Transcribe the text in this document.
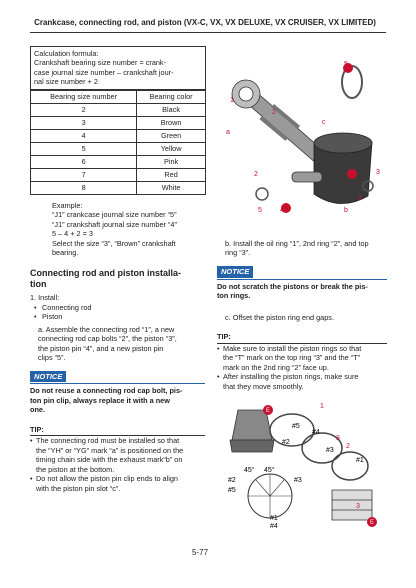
Crankcase, connecting rod, and piston (VX-C, VX, VX DELUXE, VX CRUISER, VX LIMITED)
Calculation formula:
Crankshaft bearing size number = crank-
case journal size number – crankshaft jour-
nal size number + 2
Bearing size number	Bearing color
2	Black
3	Brown
4	Green
5	Yellow
6	Pink
7	Red
8	White
Example:
“J1” crankcase journal size number “5”
“J1” crankshaft journal size number “4”
5 – 4 + 2 = 3
Select the size “3”, “Brown” crankshaft
bearing.
Connecting rod and piston installa-
tion
1. Install:
• Connecting rod
• Piston
a. Assemble the connecting rod “1”, a new
connecting rod cap bolts “2”, the piston “3”,
the piston pin “4”, and a new piston pin
clips “5”.
NOTICE
Do not reuse a connecting rod cap bolt, pis-
ton pin clip, always replace it with a new
one.
TIP:
• The connecting rod must be installed so that
the “YH” or “YG” mark “a” is positioned on the
timing chain side with the exhaust mark“b” on
the piston at the bottom.
• Do not allow the piston pin clip ends to align
with the piston pin slot “c”.
5
1
2
a
c
2	3
5	4
3
b
b. Install the oil ring “1”, 2nd ring “2”, and top
ring “3”.
NOTICE
Do not scratch the pistons or break the pis-
ton rings.
c. Offset the piston ring end gaps.
TIP:
• Make sure to install the piston rings so that
the “T” mark on the top ring “3” and the “T”
mark on the 2nd ring “2” face up.
• After installing the piston rings, make sure
that they move smoothly.
E
1
#5
#4
#2
3
2
#3
#1
45° 45°
#2
#5
#3
#1
#4
3
E
5-77
